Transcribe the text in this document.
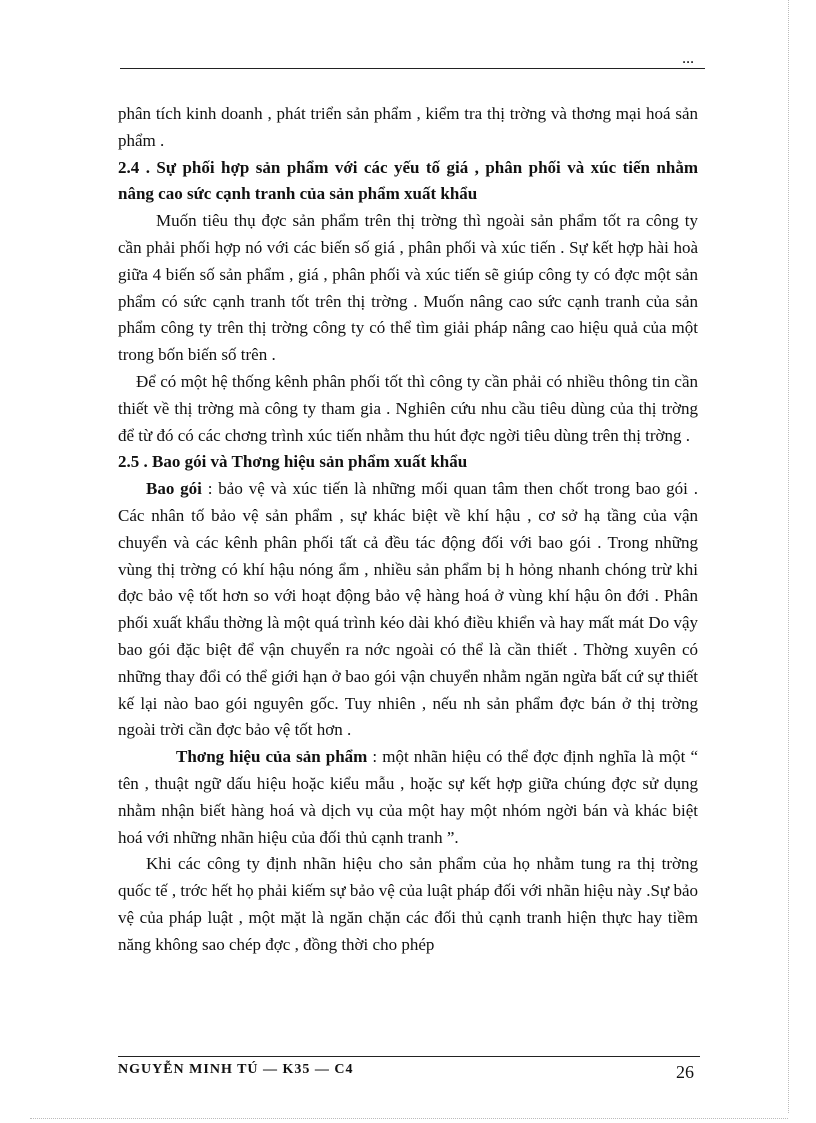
...

phân tích kinh doanh , phát triển sản phẩm , kiểm tra thị trờng và thơng mại hoá sản phẩm .

2.4 . Sự phối hợp sản phẩm với các yếu tố giá , phân phối và xúc tiến nhằm nâng cao sức cạnh tranh của sản phẩm xuất khẩu

Muốn tiêu thụ đợc sản phẩm trên thị trờng thì ngoài sản phẩm tốt ra công ty cần phải phối hợp nó với các biến số giá , phân phối và xúc tiến . Sự kết hợp hài hoà giữa 4 biến số sản phẩm , giá , phân phối và xúc tiến sẽ giúp công ty có đợc một sản phẩm có sức cạnh tranh tốt trên thị trờng . Muốn nâng cao sức cạnh tranh của sản phẩm công ty trên thị trờng công ty có thể tìm giải pháp nâng cao hiệu quả của một trong bốn biến số trên .

Để có một hệ thống kênh phân phối tốt thì công ty cần phải có nhiều thông tin cần thiết về thị trờng mà công ty tham gia . Nghiên cứu nhu cầu tiêu dùng của thị trờng để từ đó có các chơng trình xúc tiến nhằm thu hút đợc ngời tiêu dùng trên thị trờng .

2.5 . Bao gói và Thơng hiệu sản phẩm xuất khẩu

Bao gói : bảo vệ và xúc tiến là những mối quan tâm then chốt trong bao gói . Các nhân tố bảo vệ sản phẩm , sự khác biệt về khí hậu , cơ sở hạ tầng của vận chuyển và các kênh phân phối tất cả đều tác động đối với bao gói . Trong những vùng thị trờng có khí hậu nóng ẩm , nhiều sản phẩm bị h hỏng nhanh chóng trừ khi đợc bảo vệ tốt hơn so với hoạt động bảo vệ hàng hoá ở vùng khí hậu ôn đới . Phân phối xuất khẩu thờng là một quá trình kéo dài khó điều khiển và hay mất mát Do vậy bao gói đặc biệt để vận chuyển ra nớc ngoài có thể là cần thiết . Thờng xuyên có những thay đổi có thể giới hạn ở bao gói vận chuyển nhằm ngăn ngừa bất cứ sự thiết kế lại nào bao gói nguyên gốc. Tuy nhiên , nếu nh sản phẩm đợc bán ở thị trờng ngoài trời cần đợc bảo vệ tốt hơn .

Thơng hiệu của sản phẩm : một nhãn hiệu có thể đợc định nghĩa là một “ tên , thuật ngữ dấu hiệu hoặc kiểu mẫu , hoặc sự kết hợp giữa chúng đợc sử dụng nhằm nhận biết hàng hoá và dịch vụ của một hay một nhóm ngời bán và khác biệt hoá với những nhãn hiệu của đối thủ cạnh tranh ”.

Khi các công ty định nhãn hiệu cho sản phẩm của họ nhằm tung ra thị trờng quốc tế , trớc hết họ phải kiếm sự bảo vệ của luật pháp đối với nhãn hiệu này .Sự bảo vệ của pháp luật , một mặt là ngăn chặn các đối thủ cạnh tranh hiện thực hay tiềm năng không sao chép đợc , đồng thời cho phép

NGUYỄN MINH TÚ — K35 — C4	26
